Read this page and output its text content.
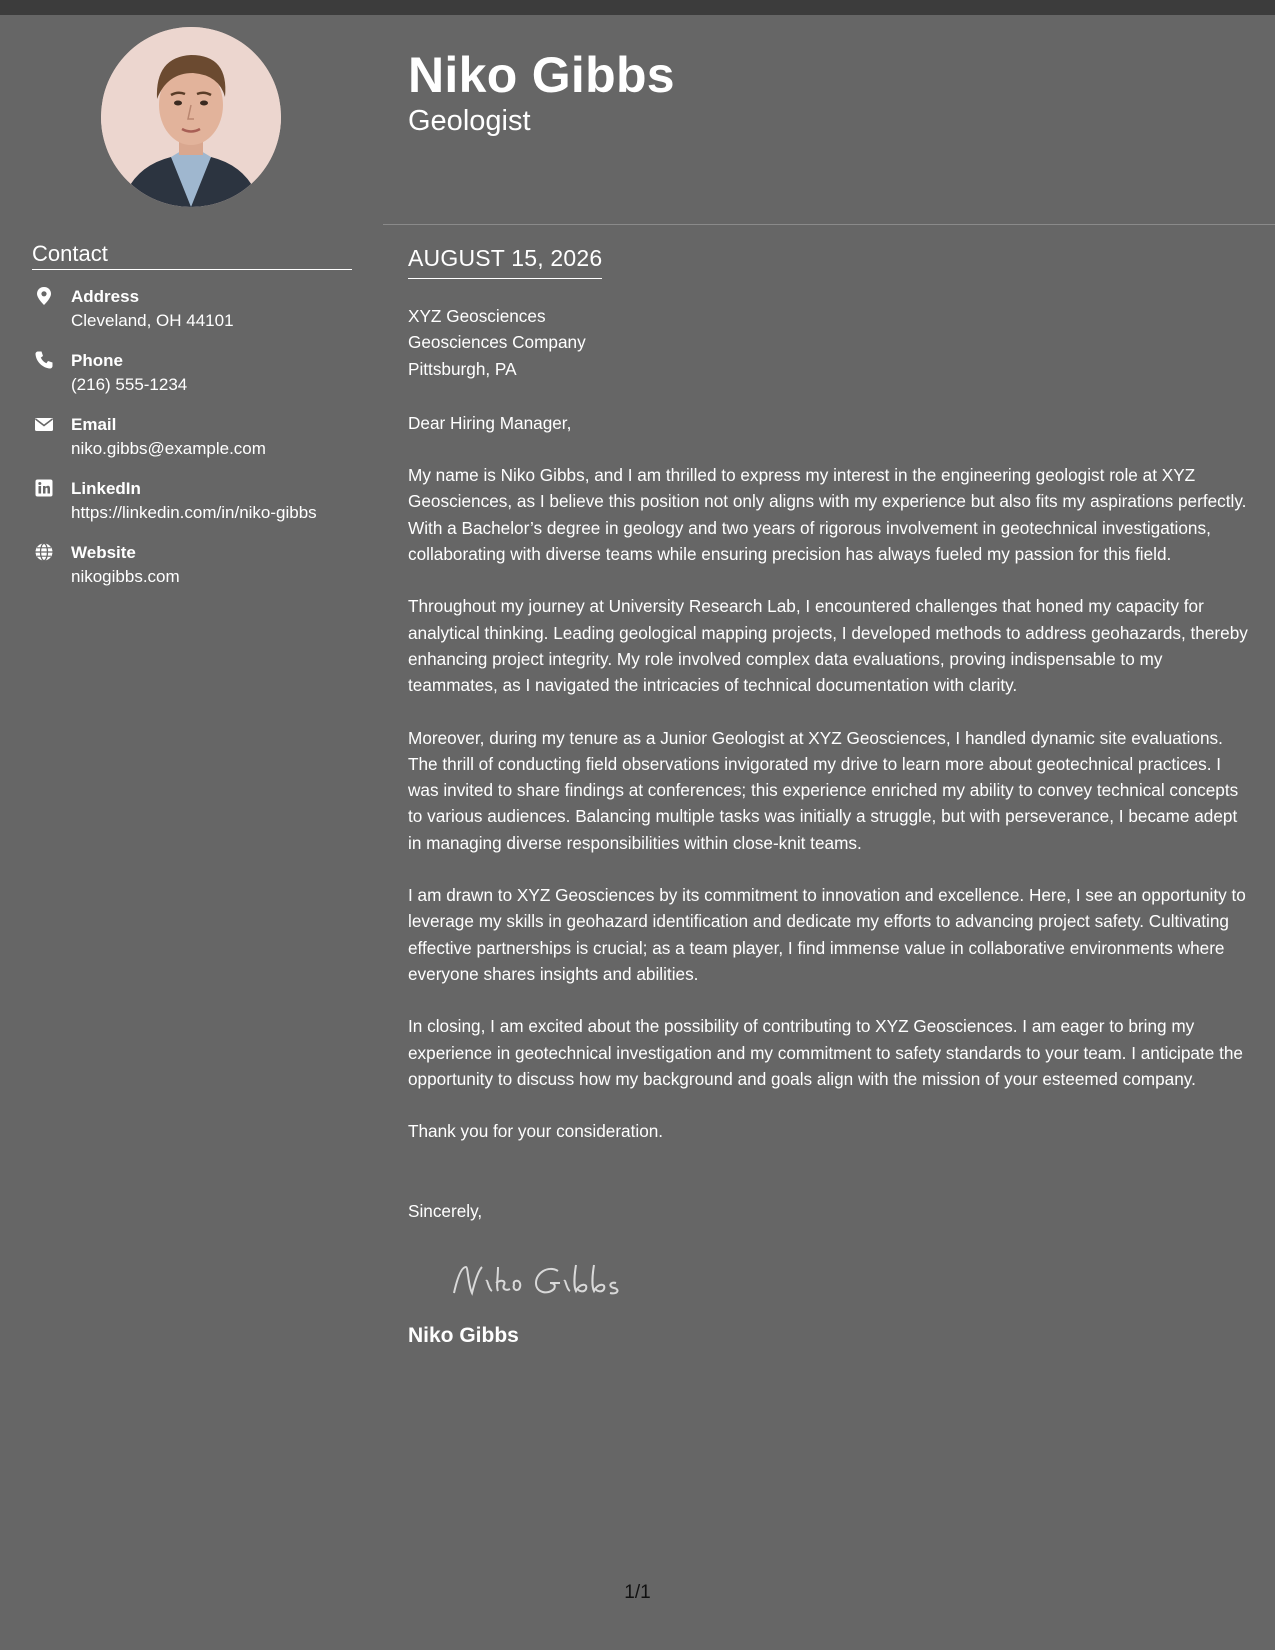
Contact
Address
Cleveland, OH 44101
Phone
(216) 555-1234
Email
niko.gibbs@example.com
LinkedIn
https://linkedin.com/in/niko-gibbs
Website
nikogibbs.com
Niko Gibbs
Geologist
AUGUST 15, 2026

XYZ Geosciences

Geosciences Company

Pittsburgh, PA

Dear Hiring Manager,

My name is Niko Gibbs, and I am thrilled to express my interest in the engineering geologist role at XYZ Geosciences, as I believe this position not only aligns with my experience but also fits my aspirations perfectly. With a Bachelor’s degree in geology and two years of rigorous involvement in geotechnical investigations, collaborating with diverse teams while ensuring precision has always fueled my passion for this field.

Throughout my journey at University Research Lab, I encountered challenges that honed my capacity for analytical thinking. Leading geological mapping projects, I developed methods to address geohazards, thereby enhancing project integrity. My role involved complex data evaluations, proving indispensable to my teammates, as I navigated the intricacies of technical documentation with clarity.

Moreover, during my tenure as a Junior Geologist at XYZ Geosciences, I handled dynamic site evaluations. The thrill of conducting field observations invigorated my drive to learn more about geotechnical practices. I was invited to share findings at conferences; this experience enriched my ability to convey technical concepts to various audiences. Balancing multiple tasks was initially a struggle, but with perseverance, I became adept in managing diverse responsibilities within close-knit teams.

I am drawn to XYZ Geosciences by its commitment to innovation and excellence. Here, I see an opportunity to leverage my skills in geohazard identification and dedicate my efforts to advancing project safety. Cultivating effective partnerships is crucial; as a team player, I find immense value in collaborative environments where everyone shares insights and abilities.

In closing, I am excited about the possibility of contributing to XYZ Geosciences. I am eager to bring my experience in geotechnical investigation and my commitment to safety standards to your team. I anticipate the opportunity to discuss how my background and goals align with the mission of your esteemed company.

Thank you for your consideration.

Sincerely,
Niko Gibbs
1/1
